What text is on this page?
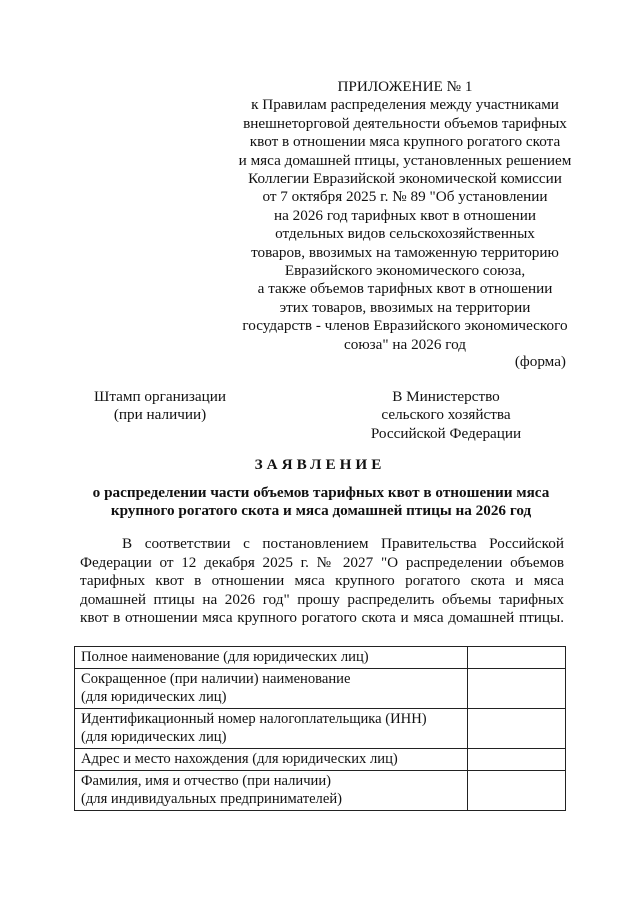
ПРИЛОЖЕНИЕ № 1
к Правилам распределения между участниками
внешнеторговой деятельности объемов тарифных
квот в отношении мяса крупного рогатого скота
и мяса домашней птицы, установленных решением
Коллегии Евразийской экономической комиссии
от 7 октября 2025 г. № 89 "Об установлении
на 2026 год тарифных квот в отношении
отдельных видов сельскохозяйственных
товаров, ввозимых на таможенную территорию
Евразийского экономического союза,
а также объемов тарифных квот в отношении
этих товаров, ввозимых на территории
государств - членов Евразийского экономического
союза" на 2026 год
(форма)
Штамп организации
(при наличии)
В Министерство
сельского хозяйства
Российской Федерации
ЗАЯВЛЕНИЕ
о распределении части объемов тарифных квот в отношении мяса
крупного рогатого скота и мяса домашней птицы на 2026 год
В соответствии с постановлением Правительства Российской
Федерации от 12 декабря 2025 г. № 2027 "О распределении объемов
тарифных квот в отношении мяса крупного рогатого скота и мяса
домашней птицы на 2026 год" прошу распределить объемы тарифных
квот в отношении мяса крупного рогатого скота и мяса домашней птицы.
Полное наименование (для юридических лиц)	

Сокращенное (при наличии) наименование
(для юридических лиц)	

Идентификационный номер налогоплательщика (ИНН)
(для юридических лиц)	

Адрес и место нахождения (для юридических лиц)	

Фамилия, имя и отчество (при наличии)
(для индивидуальных предпринимателей)	
